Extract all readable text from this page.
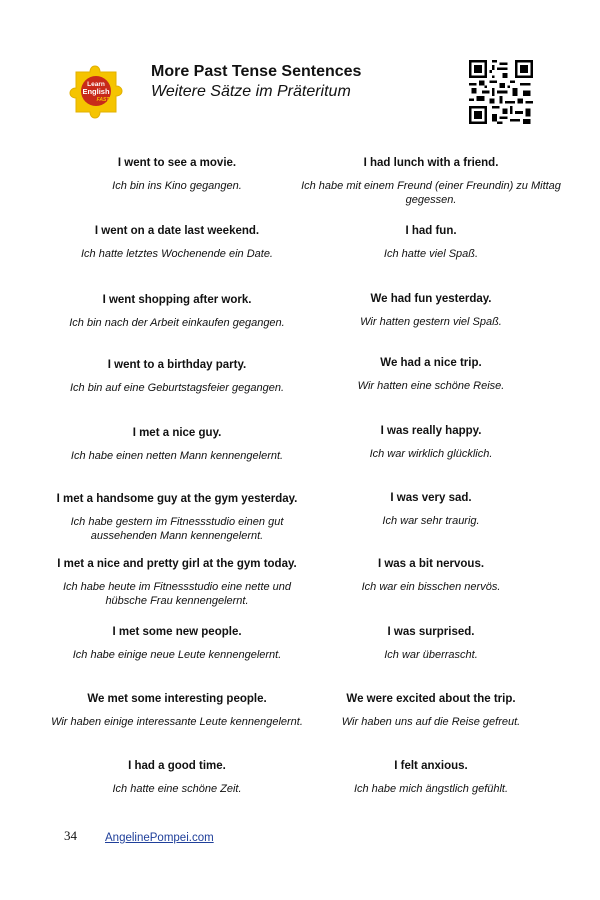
Learn
English
FAST
More Past Tense Sentences
Weitere Sätze im Präteritum
I went to see a movie.
Ich bin ins Kino gegangen.
I went on a date last weekend.
Ich hatte letztes Wochenende ein Date.
I went shopping after work.
Ich bin nach der Arbeit einkaufen gegangen.
I went to a birthday party.
Ich bin auf eine Geburtstagsfeier gegangen.
I met a nice guy.
Ich habe einen netten Mann kennengelernt.
I met a handsome guy at the gym yesterday.
Ich habe gestern im Fitnessstudio einen gut aussehenden Mann kennengelernt.
I met a nice and pretty girl at the gym today.
Ich habe heute im Fitnessstudio eine nette und hübsche Frau kennengelernt.
I met some new people.
Ich habe einige neue Leute kennengelernt.
We met some interesting people.
Wir haben einige interessante Leute kennengelernt.
I had a good time.
Ich hatte eine schöne Zeit.
I had lunch with a friend.
Ich habe mit einem Freund (einer Freundin) zu Mittag gegessen.
I had fun.
Ich hatte viel Spaß.
We had fun yesterday.
Wir hatten gestern viel Spaß.
We had a nice trip.
Wir hatten eine schöne Reise.
I was really happy.
Ich war wirklich glücklich.
I was very sad.
Ich war sehr traurig.
I was a bit nervous.
Ich war ein bisschen nervös.
I was surprised.
Ich war überrascht.
We were excited about the trip.
Wir haben uns auf die Reise gefreut.
I felt anxious.
Ich habe mich ängstlich gefühlt.
34 AngelinePompei.com
